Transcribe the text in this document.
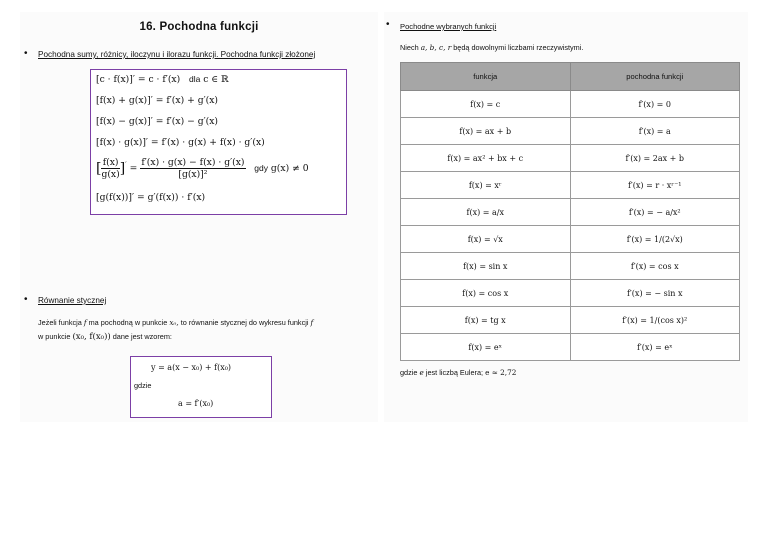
16. Pochodna funkcji
• Pochodna sumy, różnicy, iloczynu i ilorazu funkcji. Pochodna funkcji złożonej
[c · f(x)]′ = c · f′(x) dla c ∈ ℝ
[f(x) + g(x)]′ = f′(x) + g′(x)
[f(x) − g(x)]′ = f′(x) − g′(x)
[f(x) · g(x)]′ = f′(x) · g(x) + f(x) · g′(x)
[ $\frac{f(x)}{g(x)} ]' = \frac{f'(x) \cdot g(x) - f(x) \cdot g'(x)}{\text{[g(x)]²}}$ gdy g(x) ≠ 0
[g(f(x))]′ = g′(f(x)) · f′(x)
• Równanie stycznej
Jeżeli funkcja f ma pochodną w punkcie x₀, to równanie stycznej do wykresu funkcji f
w punkcie (x₀, f(x₀)) dane jest wzorem:
y = a(x − x₀) + f(x₀)
gdzie
a = f′(x₀)
• Pochodne wybranych funkcji
Niech a, b, c, r będą dowolnymi liczbami rzeczywistymi.
funkcja	pochodna funkcji
f(x) = c	f′(x) = 0
f(x) = ax + b	f′(x) = a
f(x) = ax² + bx + c	f′(x) = 2ax + b
f(x) = xʳ	f′(x) = r · xʳ⁻¹
f(x) = a/x	f′(x) = − a/x²
f(x) = √x	f′(x) = 1/(2√x)
f(x) = sin x	f′(x) = cos x
f(x) = cos x	f′(x) = − sin x
f(x) = tg x	f′(x) = 1/(cos x)²
f(x) = eˣ	f′(x) = eˣ
gdzie e jest liczbą Eulera; e ≈ 2,72
